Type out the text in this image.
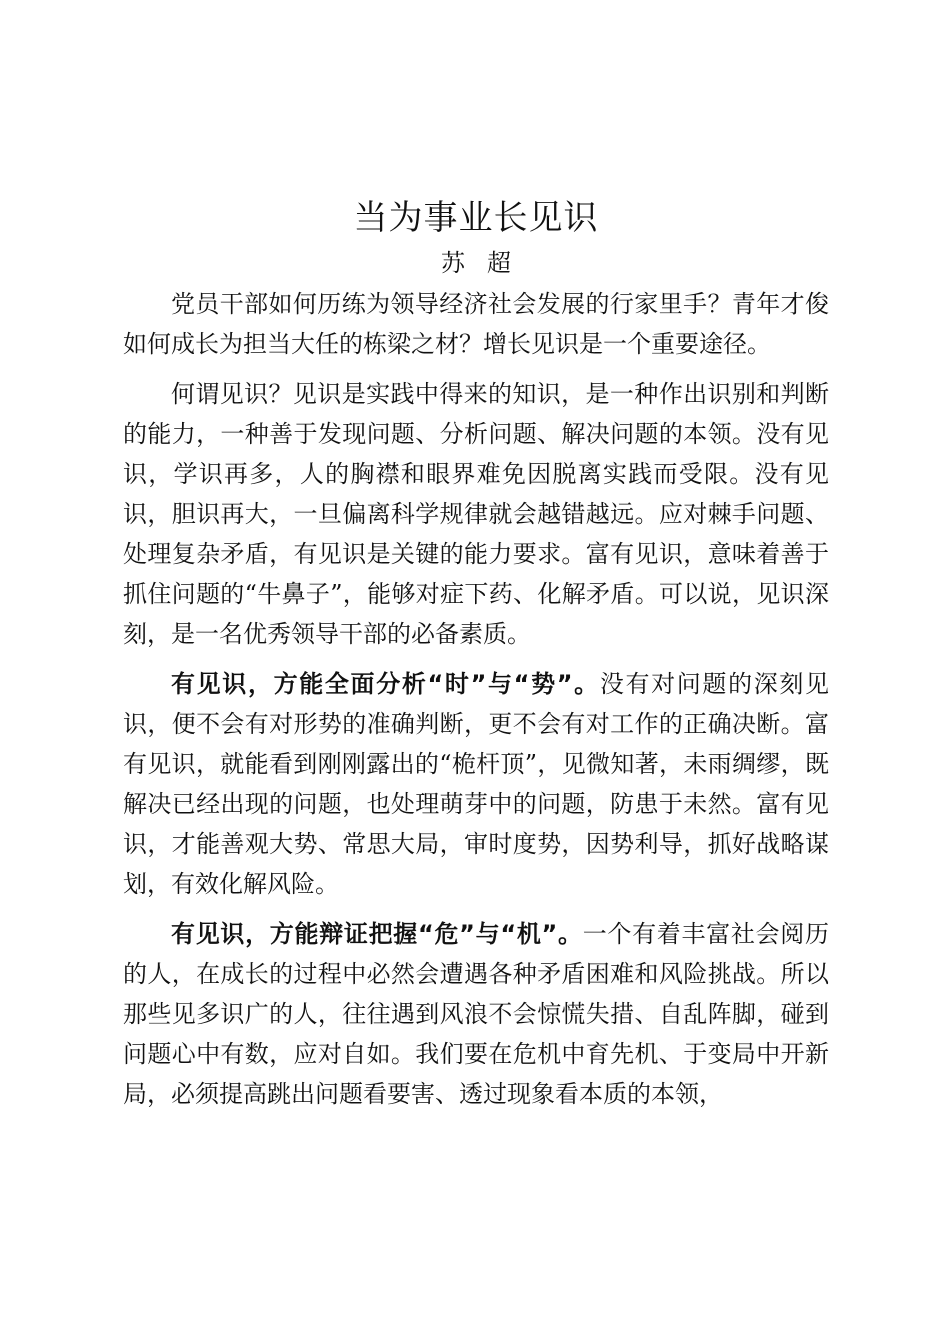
当为事业长见识

苏超

党员干部如何历练为领导经济社会发展的行家里手？青年才俊如何成长为担当大任的栋梁之材？增长见识是一个重要途径。

何谓见识？见识是实践中得来的知识，是一种作出识别和判断的能力，一种善于发现问题、分析问题、解决问题的本领。没有见识，学识再多，人的胸襟和眼界难免因脱离实践而受限。没有见识，胆识再大，一旦偏离科学规律就会越错越远。应对棘手问题、处理复杂矛盾，有见识是关键的能力要求。富有见识，意味着善于抓住问题的“牛鼻子”，能够对症下药、化解矛盾。可以说，见识深刻，是一名优秀领导干部的必备素质。

有见识，方能全面分析“时”与“势”。没有对问题的深刻见识，便不会有对形势的准确判断，更不会有对工作的正确决断。富有见识，就能看到刚刚露出的“桅杆顶”，见微知著，未雨绸缪，既解决已经出现的问题，也处理萌芽中的问题，防患于未然。富有见识，才能善观大势、常思大局，审时度势，因势利导，抓好战略谋划，有效化解风险。

有见识，方能辩证把握“危”与“机”。一个有着丰富社会阅历的人，在成长的过程中必然会遭遇各种矛盾困难和风险挑战。所以那些见多识广的人，往往遇到风浪不会惊慌失措、自乱阵脚，碰到问题心中有数，应对自如。我们要在危机中育先机、于变局中开新局，必须提高跳出问题看要害、透过现象看本质的本领，
